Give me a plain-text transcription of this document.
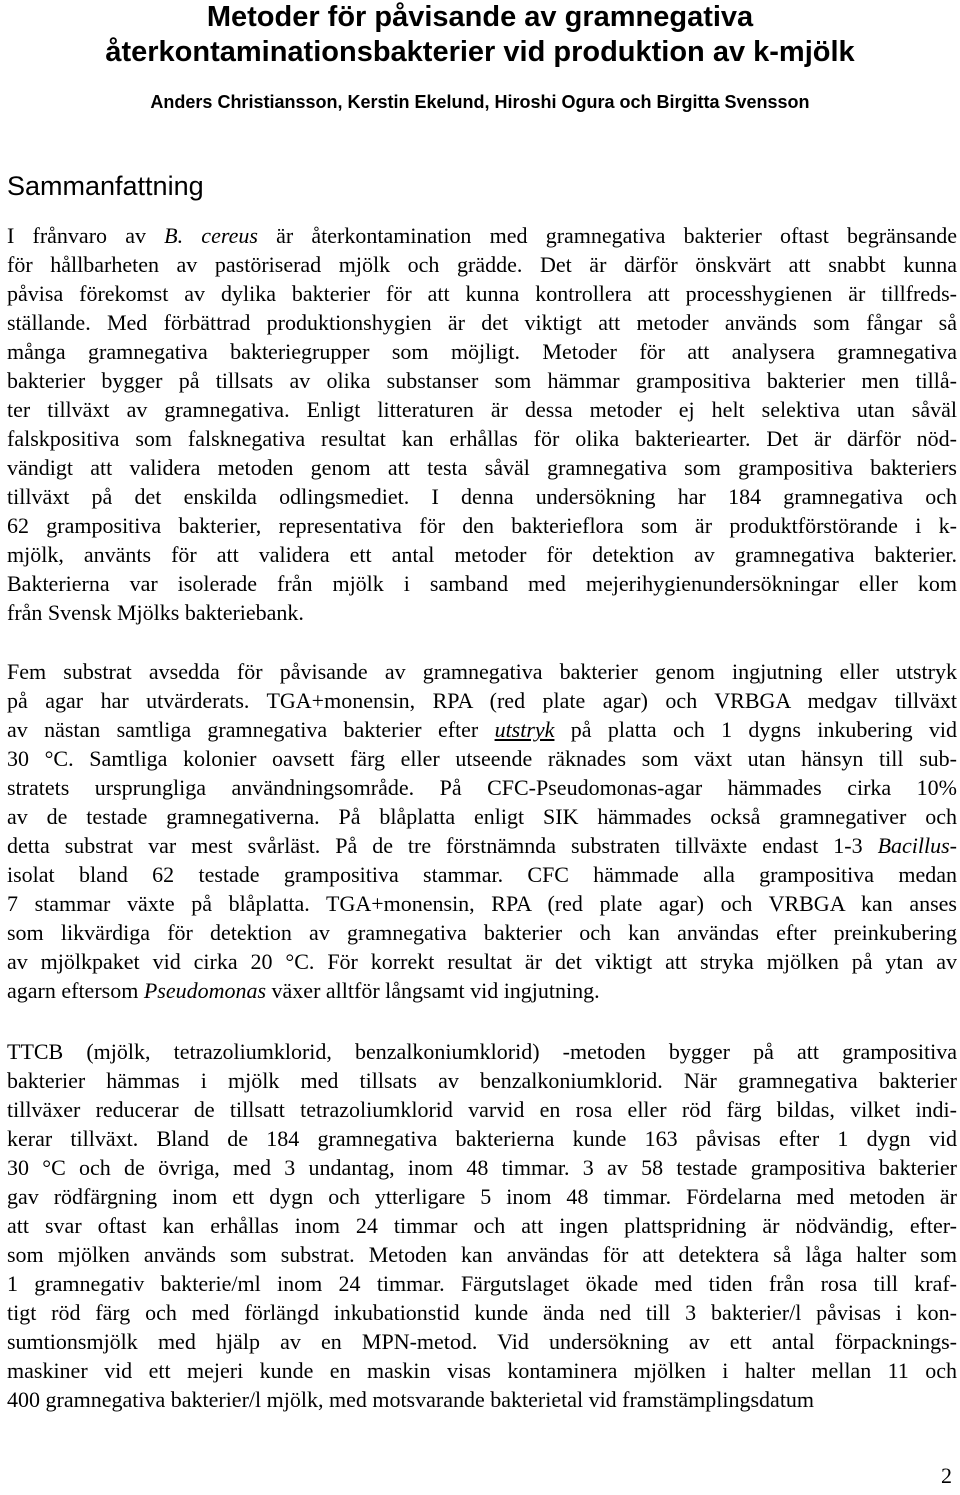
Metoder för påvisande av gramnegativa
återkontaminationsbakterier vid produktion av k-mjölk
Anders Christiansson, Kerstin Ekelund, Hiroshi Ogura och Birgitta Svensson
Sammanfattning
I frånvaro av B. cereus är återkontamination med gramnegativa bakterier oftast begränsande
för hållbarheten av pastöriserad mjölk och grädde. Det är därför önskvärt att snabbt kunna
påvisa förekomst av dylika bakterier för att kunna kontrollera att processhygienen är tillfreds-
ställande. Med förbättrad produktionshygien är det viktigt att metoder används som fångar så
många gramnegativa bakteriegrupper som möjligt. Metoder för att analysera gramnegativa
bakterier bygger på tillsats av olika substanser som hämmar grampositiva bakterier men tillå-
ter tillväxt av gramnegativa. Enligt litteraturen är dessa metoder ej helt selektiva utan såväl
falskpositiva som falsknegativa resultat kan erhållas för olika bakteriearter. Det är därför nöd-
vändigt att validera metoden genom att testa såväl gramnegativa som grampositiva bakteriers
tillväxt på det enskilda odlingsmediet. I denna undersökning har 184 gramnegativa och
62 grampositiva bakterier, representativa för den bakterieflora som är produktförstörande i k-
mjölk, använts för att validera ett antal metoder för detektion av gramnegativa bakterier.
Bakterierna var isolerade från mjölk i samband med mejerihygienundersökningar eller kom
från Svensk Mjölks bakteriebank.
Fem substrat avsedda för påvisande av gramnegativa bakterier genom ingjutning eller utstryk
på agar har utvärderats. TGA+monensin, RPA (red plate agar) och VRBGA medgav tillväxt
av nästan samtliga gramnegativa bakterier efter utstryk på platta och 1 dygns inkubering vid
30 °C. Samtliga kolonier oavsett färg eller utseende räknades som växt utan hänsyn till sub-
stratets ursprungliga användningsområde. På CFC-Pseudomonas-agar hämmades cirka 10%
av de testade gramnegativerna. På blåplatta enligt SIK hämmades också gramnegativer och
detta substrat var mest svårläst. På de tre förstnämnda substraten tillväxte endast 1-3 Bacillus-
isolat bland 62 testade grampositiva stammar. CFC hämmade alla grampositiva medan
7 stammar växte på blåplatta. TGA+monensin, RPA (red plate agar) och VRBGA kan anses
som likvärdiga för detektion av gramnegativa bakterier och kan användas efter preinkubering
av mjölkpaket vid cirka 20 °C. För korrekt resultat är det viktigt att stryka mjölken på ytan av
agarn eftersom Pseudomonas växer alltför långsamt vid ingjutning.
TTCB (mjölk, tetrazoliumklorid, benzalkoniumklorid) -metoden bygger på att grampositiva
bakterier hämmas i mjölk med tillsats av benzalkoniumklorid. När gramnegativa bakterier
tillväxer reducerar de tillsatt tetrazoliumklorid varvid en rosa eller röd färg bildas, vilket indi-
kerar tillväxt. Bland de 184 gramnegativa bakterierna kunde 163 påvisas efter 1 dygn vid
30 °C och de övriga, med 3 undantag, inom 48 timmar. 3 av 58 testade grampositiva bakterier
gav rödfärgning inom ett dygn och ytterligare 5 inom 48 timmar. Fördelarna med metoden är
att svar oftast kan erhållas inom 24 timmar och att ingen plattspridning är nödvändig, efter-
som mjölken används som substrat. Metoden kan användas för att detektera så låga halter som
1 gramnegativ bakterie/ml inom 24 timmar. Färgutslaget ökade med tiden från rosa till kraf-
tigt röd färg och med förlängd inkubationstid kunde ända ned till 3 bakterier/l påvisas i kon-
sumtionsmjölk med hjälp av en MPN-metod. Vid undersökning av ett antal förpacknings-
maskiner vid ett mejeri kunde en maskin visas kontaminera mjölken i halter mellan 11 och
400 gramnegativa bakterier/l mjölk, med motsvarande bakterietal vid framstämplingsdatum
2
